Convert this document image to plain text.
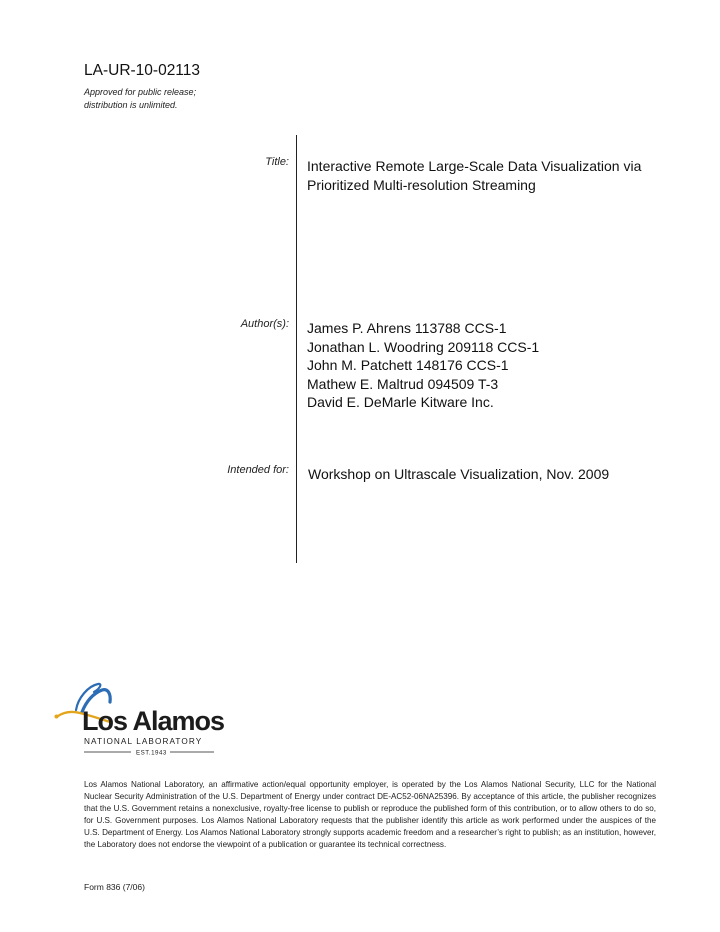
LA-UR-10-02113
Approved for public release;
distribution is unlimited.
Title: Interactive Remote Large-Scale Data Visualization via
Prioritized Multi-resolution Streaming
Author(s): James P. Ahrens 113788 CCS-1
Jonathan L. Woodring 209118 CCS-1
John M. Patchett 148176 CCS-1
Mathew E. Maltrud 094509 T-3
David E. DeMarle Kitware Inc.
Intended for: Workshop on Ultrascale Visualization, Nov. 2009
Los Alamos
NATIONAL LABORATORY
EST.1943
Los Alamos National Laboratory, an affirmative action/equal opportunity employer, is operated by the Los Alamos National Security, LLC for the National Nuclear Security Administration of the U.S. Department of Energy under contract DE-AC52-06NA25396. By acceptance of this article, the publisher recognizes that the U.S. Government retains a nonexclusive, royalty-free license to publish or reproduce the published form of this contribution, or to allow others to do so, for U.S. Government purposes. Los Alamos National Laboratory requests that the publisher identify this article as work performed under the auspices of the U.S. Department of Energy. Los Alamos National Laboratory strongly supports academic freedom and a researcher’s right to publish; as an institution, however, the Laboratory does not endorse the viewpoint of a publication or guarantee its technical correctness.
Form 836 (7/06)
